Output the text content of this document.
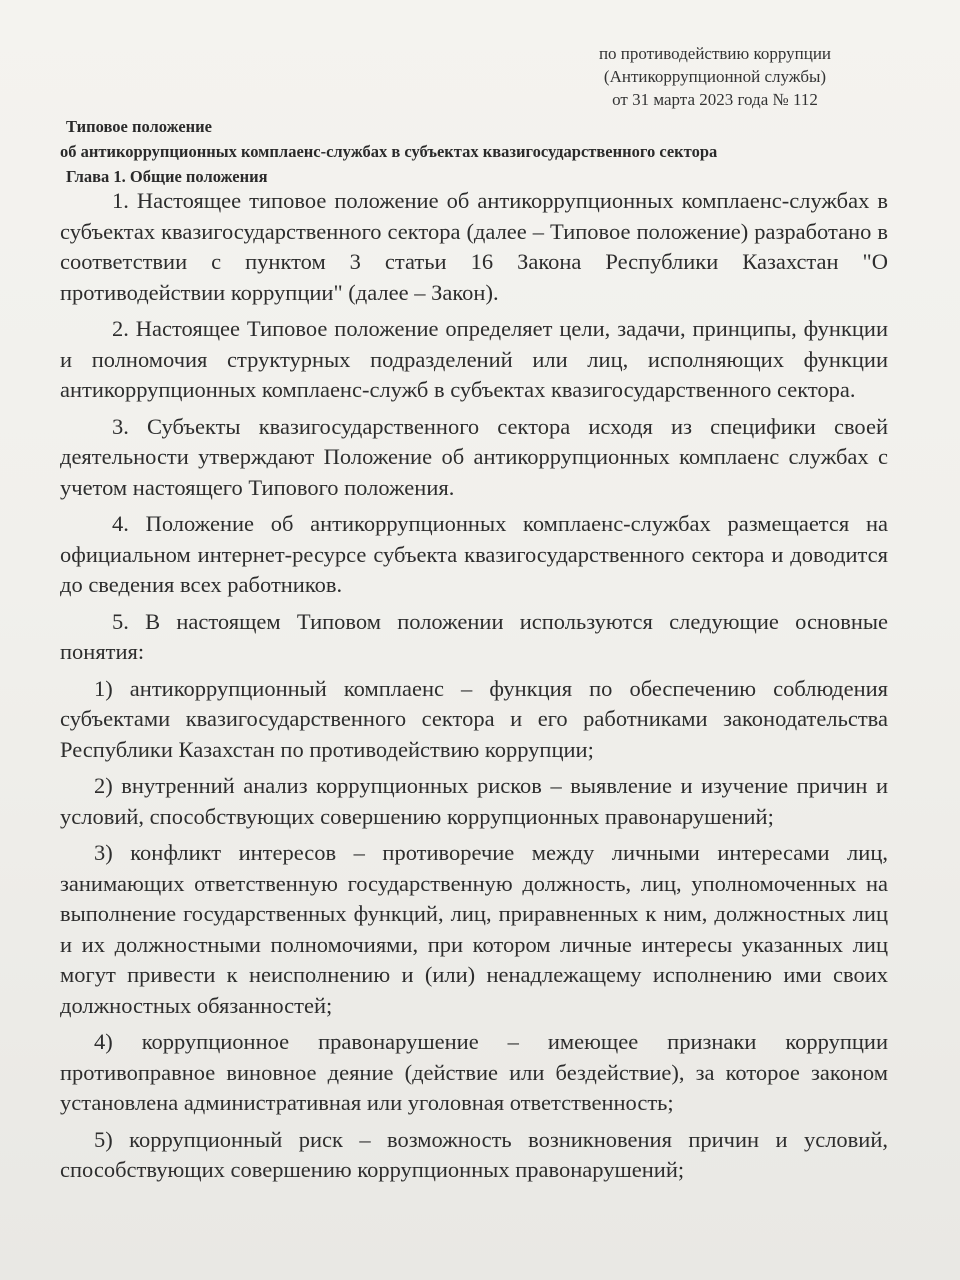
по противодействию коррупции
(Антикоррупционной службы)
от 31 марта 2023 года № 112
Типовое положение
об антикоррупционных комплаенс-службах в субъектах квазигосударственного сектора
Глава 1. Общие положения

1. Настоящее типовое положение об антикоррупционных комплаенс-службах в субъектах квазигосударственного сектора (далее – Типовое положение) разработано в соответствии с пунктом 3 статьи 16 Закона Республики Казахстан "О противодействии коррупции" (далее – Закон).

2. Настоящее Типовое положение определяет цели, задачи, принципы, функции и полномочия структурных подразделений или лиц, исполняющих функции антикоррупционных комплаенс-служб в субъектах квазигосударственного сектора.

3. Субъекты квазигосударственного сектора исходя из специфики своей деятельности утверждают Положение об антикоррупционных комплаенс службах с учетом настоящего Типового положения.

4. Положение об антикоррупционных комплаенс-службах размещается на официальном интернет-ресурсе субъекта квазигосударственного сектора и доводится до сведения всех работников.

5. В настоящем Типовом положении используются следующие основные понятия:

1) антикоррупционный комплаенс – функция по обеспечению соблюдения субъектами квазигосударственного сектора и его работниками законодательства Республики Казахстан по противодействию коррупции;

2) внутренний анализ коррупционных рисков – выявление и изучение причин и условий, способствующих совершению коррупционных правонарушений;

3) конфликт интересов – противоречие между личными интересами лиц, занимающих ответственную государственную должность, лиц, уполномоченных на выполнение государственных функций, лиц, приравненных к ним, должностных лиц и их должностными полномочиями, при котором личные интересы указанных лиц могут привести к неисполнению и (или) ненадлежащему исполнению ими своих должностных обязанностей;

4) коррупционное правонарушение – имеющее признаки коррупции противоправное виновное деяние (действие или бездействие), за которое законом установлена административная или уголовная ответственность;

5) коррупционный риск – возможность возникновения причин и условий, способствующих совершению коррупционных правонарушений;
